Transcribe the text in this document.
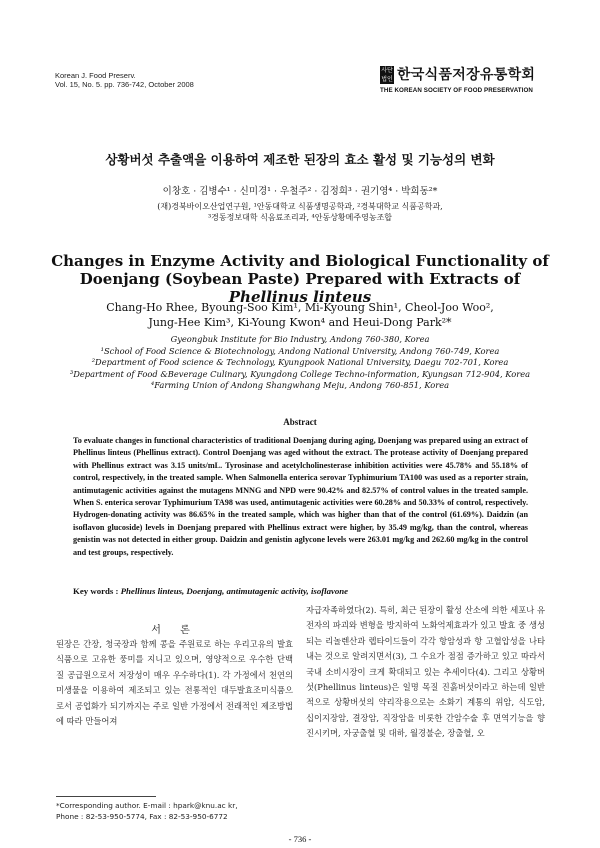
Korean J. Food Preserv.
Vol. 15, No. 5. pp. 736-742, October 2008
사단
법인 한국식품저장유통학회
THE KOREAN SOCIETY OF FOOD PRESERVATION
상황버섯 추출액을 이용하여 제조한 된장의 효소 활성 및 기능성의 변화
이창호 · 김병수¹ · 신미경¹ · 우철주² · 김정희³ · 권기영⁴ · 박희동²*
(재)경북바이오산업연구원, ¹안동대학교 식품생명공학과, ²경북대학교 식품공학과,
³경동정보대학 식음료조리과, ⁴안동상황메주영농조합
Changes in Enzyme Activity and Biological Functionality of
Doenjang (Soybean Paste) Prepared with Extracts of Phellinus linteus
Chang-Ho Rhee, Byoung-Soo Kim¹, Mi-Kyoung Shin¹, Cheol-Joo Woo²,
Jung-Hee Kim³, Ki-Young Kwon⁴ and Heui-Dong Park²*
Gyeongbuk Institute for Bio Industry, Andong 760-380, Korea
¹School of Food Science & Biotechnology, Andong National University, Andong 760-749, Korea
²Department of Food science & Technology, Kyungpook National University, Daegu 702-701, Korea
³Department of Food &Beverage Culinary, Kyungdong College Techno-information, Kyungsan 712-904, Korea
⁴Farming Union of Andong Shangwhang Meju, Andong 760-851, Korea
Abstract
To evaluate changes in functional characteristics of traditional Doenjang during aging, Doenjang was prepared using an extract of Phellinus linteus (Phellinus extract). Control Doenjang was aged without the extract. The protease activity of Doenjang prepared with Phellinus extract was 3.15 units/mL. Tyrosinase and acetylcholinesterase inhibition activities were 45.78% and 55.18% of control, respectively, in the treated sample. When Salmonella enterica serovar Typhimurium TA100 was used as a reporter strain, antimutagenic activities against the mutagens MNNG and NPD were 90.42% and 82.57% of control values in the treated sample. When S. enterica serovar Typhimurium TA98 was used, antimutagenic activities were 60.28% and 50.33% of control, respectively. Hydrogen-donating activity was 86.65% in the treated sample, which was higher than that of the control (61.69%). Daidzin (an isoflavon glucoside) levels in Doenjang prepared with Phellinus extract were higher, by 35.49 mg/kg, than the control, whereas genistin was not detected in either group. Daidzin and genistin aglycone levels were 263.01 mg/kg and 262.60 mg/kg in the control and test groups, respectively.
Key words : Phellinus linteus, Doenjang, antimutagenic activity, isoflavone
서 론
된장은 간장, 청국장과 함께 콩을 주원료로 하는 우리고유의 발효식품으로 고유한 풍미를 지니고 있으며, 영양적으로 우수한 단백질 공급원으로서 저장성이 매우 우수하다(1). 각 가정에서 천연의 미생물을 이용하여 제조되고 있는 전통적인 대두발효조미식품으로서 공업화가 되기까지는 주로 일반 가정에서 전래적인 제조방법에 따라 만들어져
자급자족하였다(2). 특히, 최근 된장이 활성 산소에 의한 세포나 유전자의 파괴와 변형을 방지하여 노화억제효과가 있고 발효 중 생성되는 리놀렌산과 렙타이드들이 각각 항암성과 항 고혈압성을 나타내는 것으로 알려지면서(3), 그 수요가 점점 증가하고 있고 따라서 국내 소비시장이 크게 확대되고 있는 추세이다(4). 그리고 상황버섯(Phellinus linteus)은 일명 목질 진흙버섯이라고 하는데 일반적으로 상황버섯의 약리작용으로는 소화기 계통의 위암, 식도암, 십이지장암, 결장암, 직장암을 비롯한 간암수술 후 면역기능을 향진시키며, 자궁출혈 및 대하, 월경불순, 장출혈, 오
*Corresponding author. E-mail : hpark@knu.ac kr,
Phone : 82-53-950-5774, Fax : 82-53-950-6772
- 736 -
